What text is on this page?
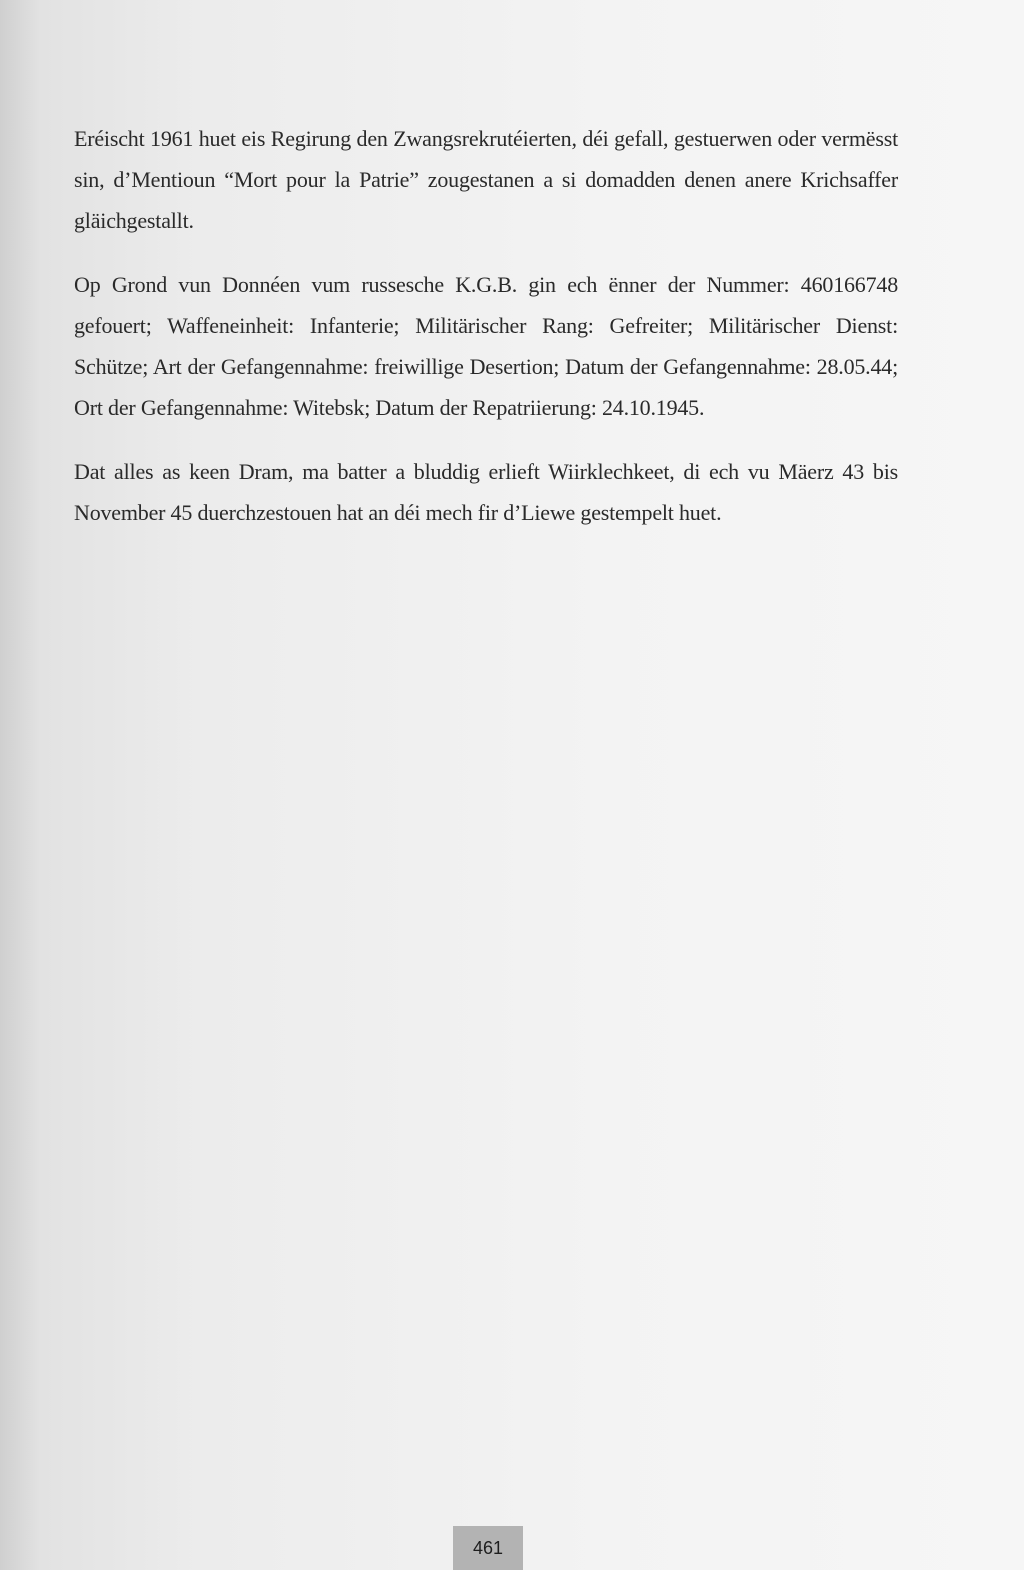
Eréischt 1961 huet eis Regirung den Zwangsrekrutéierten, déi gefall, gestuerwen oder vermësst sin, d’Mentioun “Mort pour la Patrie” zougestanen a si domadden denen anere Krichsaffer gläichgestallt.

Op Grond vun Donnéen vum russesche K.G.B. gin ech ënner der Nummer: 460166748 gefouert; Waffeneinheit: Infanterie; Militärischer Rang: Gefreiter; Militärischer Dienst: Schütze; Art der Gefangennahme: freiwillige Desertion; Datum der Gefangennahme: 28.05.44; Ort der Gefangennahme: Witebsk; Datum der Repatriierung: 24.10.1945.

Dat alles as keen Dram, ma batter a bluddig erlieft Wiirklechkeet, di ech vu Mäerz 43 bis November 45 duerchzestouen hat an déi mech fir d’Liewe gestempelt huet.

461
